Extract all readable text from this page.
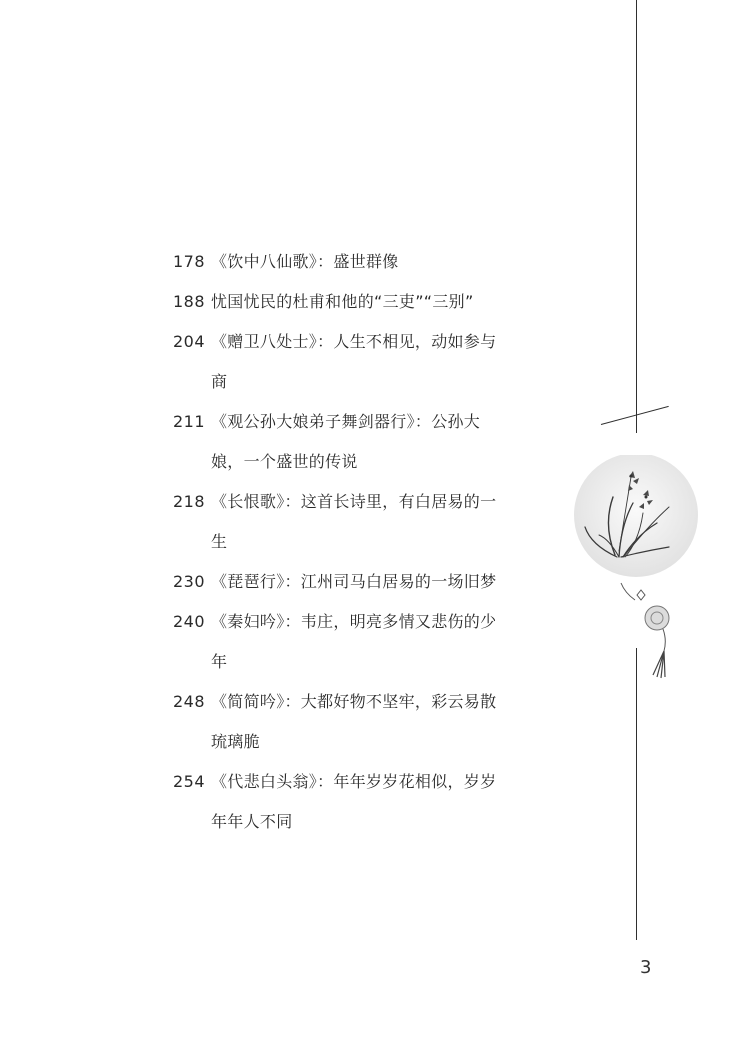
178 《饮中八仙歌》：盛世群像
188 忧国忧民的杜甫和他的“三吏”“三别”
204 《赠卫八处士》：人生不相见，动如参与商
211 《观公孙大娘弟子舞剑器行》：公孙大娘，一个盛世的传说
218 《长恨歌》：这首长诗里，有白居易的一生
230 《琵琶行》：江州司马白居易的一场旧梦
240 《秦妇吟》：韦庄，明亮多情又悲伤的少年
248 《简简吟》：大都好物不坚牢，彩云易散琉璃脆
254 《代悲白头翁》：年年岁岁花相似，岁岁年年人不同
3
